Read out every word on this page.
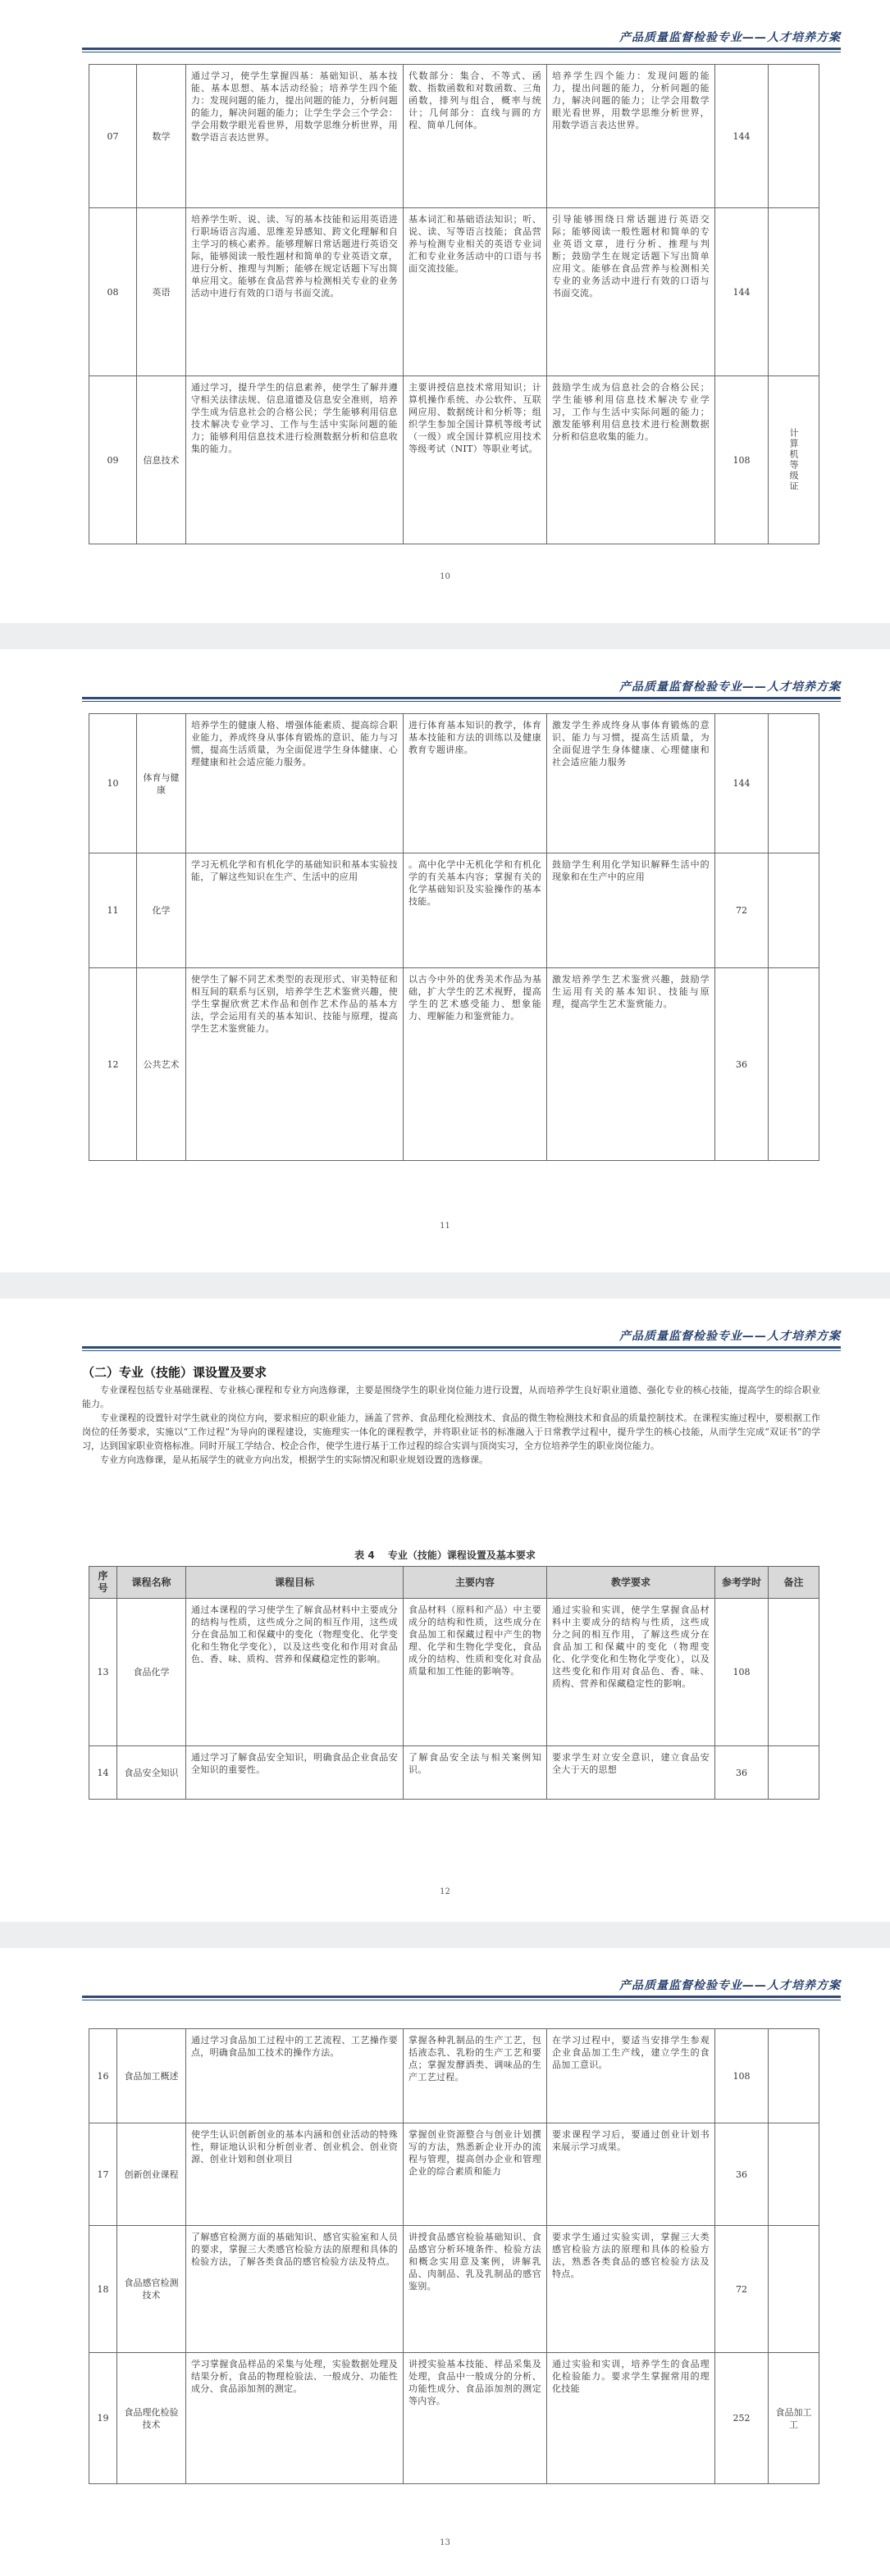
产品质量监督检验专业——人才培养方案
07	数学	通过学习，使学生掌握四基：基础知识、基本技能、基本思想、基本活动经验；培养学生四个能力：发现问题的能力，提出问题的能力，分析问题的能力，解决问题的能力；让学生学会三个学会：学会用数学眼光看世界，用数学思维分析世界，用数学语言表达世界。	代数部分：集合、不等式、函数、指数函数和对数函数、三角函数，排列与组合，概率与统计；几何部分：直线与圆的方程、简单几何体。	培养学生四个能力：发现问题的能力，提出问题的能力，分析问题的能力，解决问题的能力；让学会用数学眼光看世界，用数学思维分析世界，用数学语言表达世界。	144	
08	英语	培养学生听、说、读、写的基本技能和运用英语进行职场语言沟通、思维差异感知、跨文化理解和自主学习的核心素养。能够理解日常话题进行英语交际，能够阅读一般性题材和简单的专业英语文章，进行分析、推理与判断；能够在规定话题下写出简单应用文。能够在食品营养与检测相关专业的业务活动中进行有效的口语与书面交流。	基本词汇和基础语法知识；听、说、读、写等语言技能；食品营养与检测专业相关的英语专业词汇和专业业务活动中的口语与书面交流技能。	引导能够围绕日常话题进行英语交际；能够阅读一般性题材和简单的专业英语文章，进行分析、推理与判断；鼓励学生在规定话题下写出简单应用文。能够在食品营养与检测相关专业的业务活动中进行有效的口语与书面交流。	144	
09	信息技术	通过学习，提升学生的信息素养，使学生了解并遵守相关法律法规、信息道德及信息安全准则，培养学生成为信息社会的合格公民；学生能够利用信息技术解决专业学习、工作与生活中实际问题的能力；能够利用信息技术进行检测数据分析和信息收集的能力。	主要讲授信息技术常用知识；计算机操作系统、办公软件、互联网应用、数据统计和分析等；组织学生参加全国计算机等级考试（一级）或全国计算机应用技术等级考试（NIT）等职业考试。	鼓励学生成为信息社会的合格公民；学生能够利用信息技术解决专业学习，工作与生活中实际问题的能力；激发能够利用信息技术进行检测数据分析和信息收集的能力。	108	计算机等级证
10
产品质量监督检验专业——人才培养方案
10	体育与健康	培养学生的健康人格、增强体能素质、提高综合职业能力，养成终身从事体育锻炼的意识、能力与习惯，提高生活质量，为全面促进学生身体健康、心理健康和社会适应能力服务。	进行体育基本知识的教学，体育基本技能和方法的训练以及健康教育专题讲座。	激发学生养成终身从事体育锻炼的意识、能力与习惯，提高生活质量，为全面促进学生身体健康、心理健康和社会适应能力服务	144	
11	化学	学习无机化学和有机化学的基础知识和基本实验技能，了解这些知识在生产、生活中的应用	。高中化学中无机化学和有机化学的有关基本内容；掌握有关的化学基础知识及实验操作的基本技能。	鼓励学生利用化学知识解释生活中的现象和在生产中的应用	72	
12	公共艺术	使学生了解不同艺术类型的表现形式、审美特征和相互间的联系与区别，培养学生艺术鉴赏兴趣，使学生掌握欣赏艺术作品和创作艺术作品的基本方法，学会运用有关的基本知识、技能与原理，提高学生艺术鉴赏能力。	以古今中外的优秀美术作品为基础，扩大学生的艺术视野，提高学生的艺术感受能力、想象能力、理解能力和鉴赏能力。	激发培养学生艺术鉴赏兴趣，鼓励学生运用有关的基本知识、技能与原理，提高学生艺术鉴赏能力。	36	
11
产品质量监督检验专业——人才培养方案
（二）专业（技能）课设置及要求

专业课程包括专业基础课程、专业核心课程和专业方向选修课，主要是围绕学生的职业岗位能力进行设置，从而培养学生良好职业道德、强化专业的核心技能，提高学生的综合职业能力。

专业课程的设置针对学生就业的岗位方向，要求相应的职业能力，涵盖了营养、食品理化检测技术、食品的微生物检测技术和食品的质量控制技术。在课程实施过程中，要根据工作岗位的任务要求，实施以“工作过程”为导向的课程建设，实施理实一体化的课程教学，并将职业证书的标准融入于日常教学过程中，提升学生的核心技能，从而学生完成“双证书”的学习，达到国家职业资格标准。同时开展工学结合、校企合作，使学生进行基于工作过程的综合实训与顶岗实习，全方位培养学生的职业岗位能力。

专业方向选修课，是从拓展学生的就业方向出发，根据学生的实际情况和职业规划设置的选修课。

表 4　 专业（技能）课程设置及基本要求
序号	课程名称	课程目标	主要内容	教学要求	参考学时	备注
13	食品化学	通过本课程的学习使学生了解食品材料中主要成分的结构与性质，这些成分之间的相互作用，这些成分在食品加工和保藏中的变化（物理变化、化学变化和生物化学变化），以及这些变化和作用对食品色、香、味、质构、营养和保藏稳定性的影响。	食品材料（原料和产品）中主要成分的结构和性质，这些成分在食品加工和保藏过程中产生的物理、化学和生物化学变化，食品成分的结构、性质和变化对食品质量和加工性能的影响等。	通过实验和实训，使学生掌握食品材料中主要成分的结构与性质，这些成分之间的相互作用，了解这些成分在食品加工和保藏中的变化（物理变化、化学变化和生物化学变化），以及这些变化和作用对食品色、香、味、质构、营养和保藏稳定性的影响。	108	
14	食品安全知识	通过学习了解食品安全知识，明确食品企业食品安全知识的重要性。	了解食品安全法与相关案例知识。	要求学生对立安全意识，建立食品安全大于天的思想	36	
12
产品质量监督检验专业——人才培养方案
16	食品加工概述	通过学习食品加工过程中的工艺流程、工艺操作要点，明确食品加工技术的操作方法。	掌握各种乳制品的生产工艺，包括液态乳、乳粉的生产工艺和要点；掌握发酵酒类、调味品的生产工艺过程。	在学习过程中，要适当安排学生参观企业食品加工生产线，建立学生的食品加工意识。	108	
17	创新创业课程	使学生认识创新创业的基本内涵和创业活动的特殊性，辩证地认识和分析创业者、创业机会、创业资源、创业计划和创业项目	掌握创业资源整合与创业计划撰写的方法，熟悉新企业开办的流程与管理，提高创办企业和管理企业的综合素质和能力	要求课程学习后，要通过创业计划书来展示学习成果。	36	
18	食品感官检测技术	了解感官检测方面的基础知识、感官实验室和人员的要求，掌握三大类感官检验方法的原理和具体的检验方法，了解各类食品的感官检验方法及特点。	讲授食品感官检验基础知识、食品感官分析环境条件、检验方法和概念实用意及案例，讲解乳品、肉制品、乳及乳制品的感官鉴别。	要求学生通过实验实训，掌握三大类感官检验方法的原理和具体的检验方法，熟悉各类食品的感官检验方法及特点。	72	
19	食品理化检验技术	学习掌握食品样品的采集与处理，实验数据处理及结果分析，食品的物理检验法、一般成分、功能性成分、食品添加剂的测定。	讲授实验基本技能、样品采集及处理，食品中一般成分的分析、功能性成分、食品添加剂的测定等内容。	通过实验和实训，培养学生的食品理化检验能力。要求学生掌握常用的理化技能	252	食品加工工
13
